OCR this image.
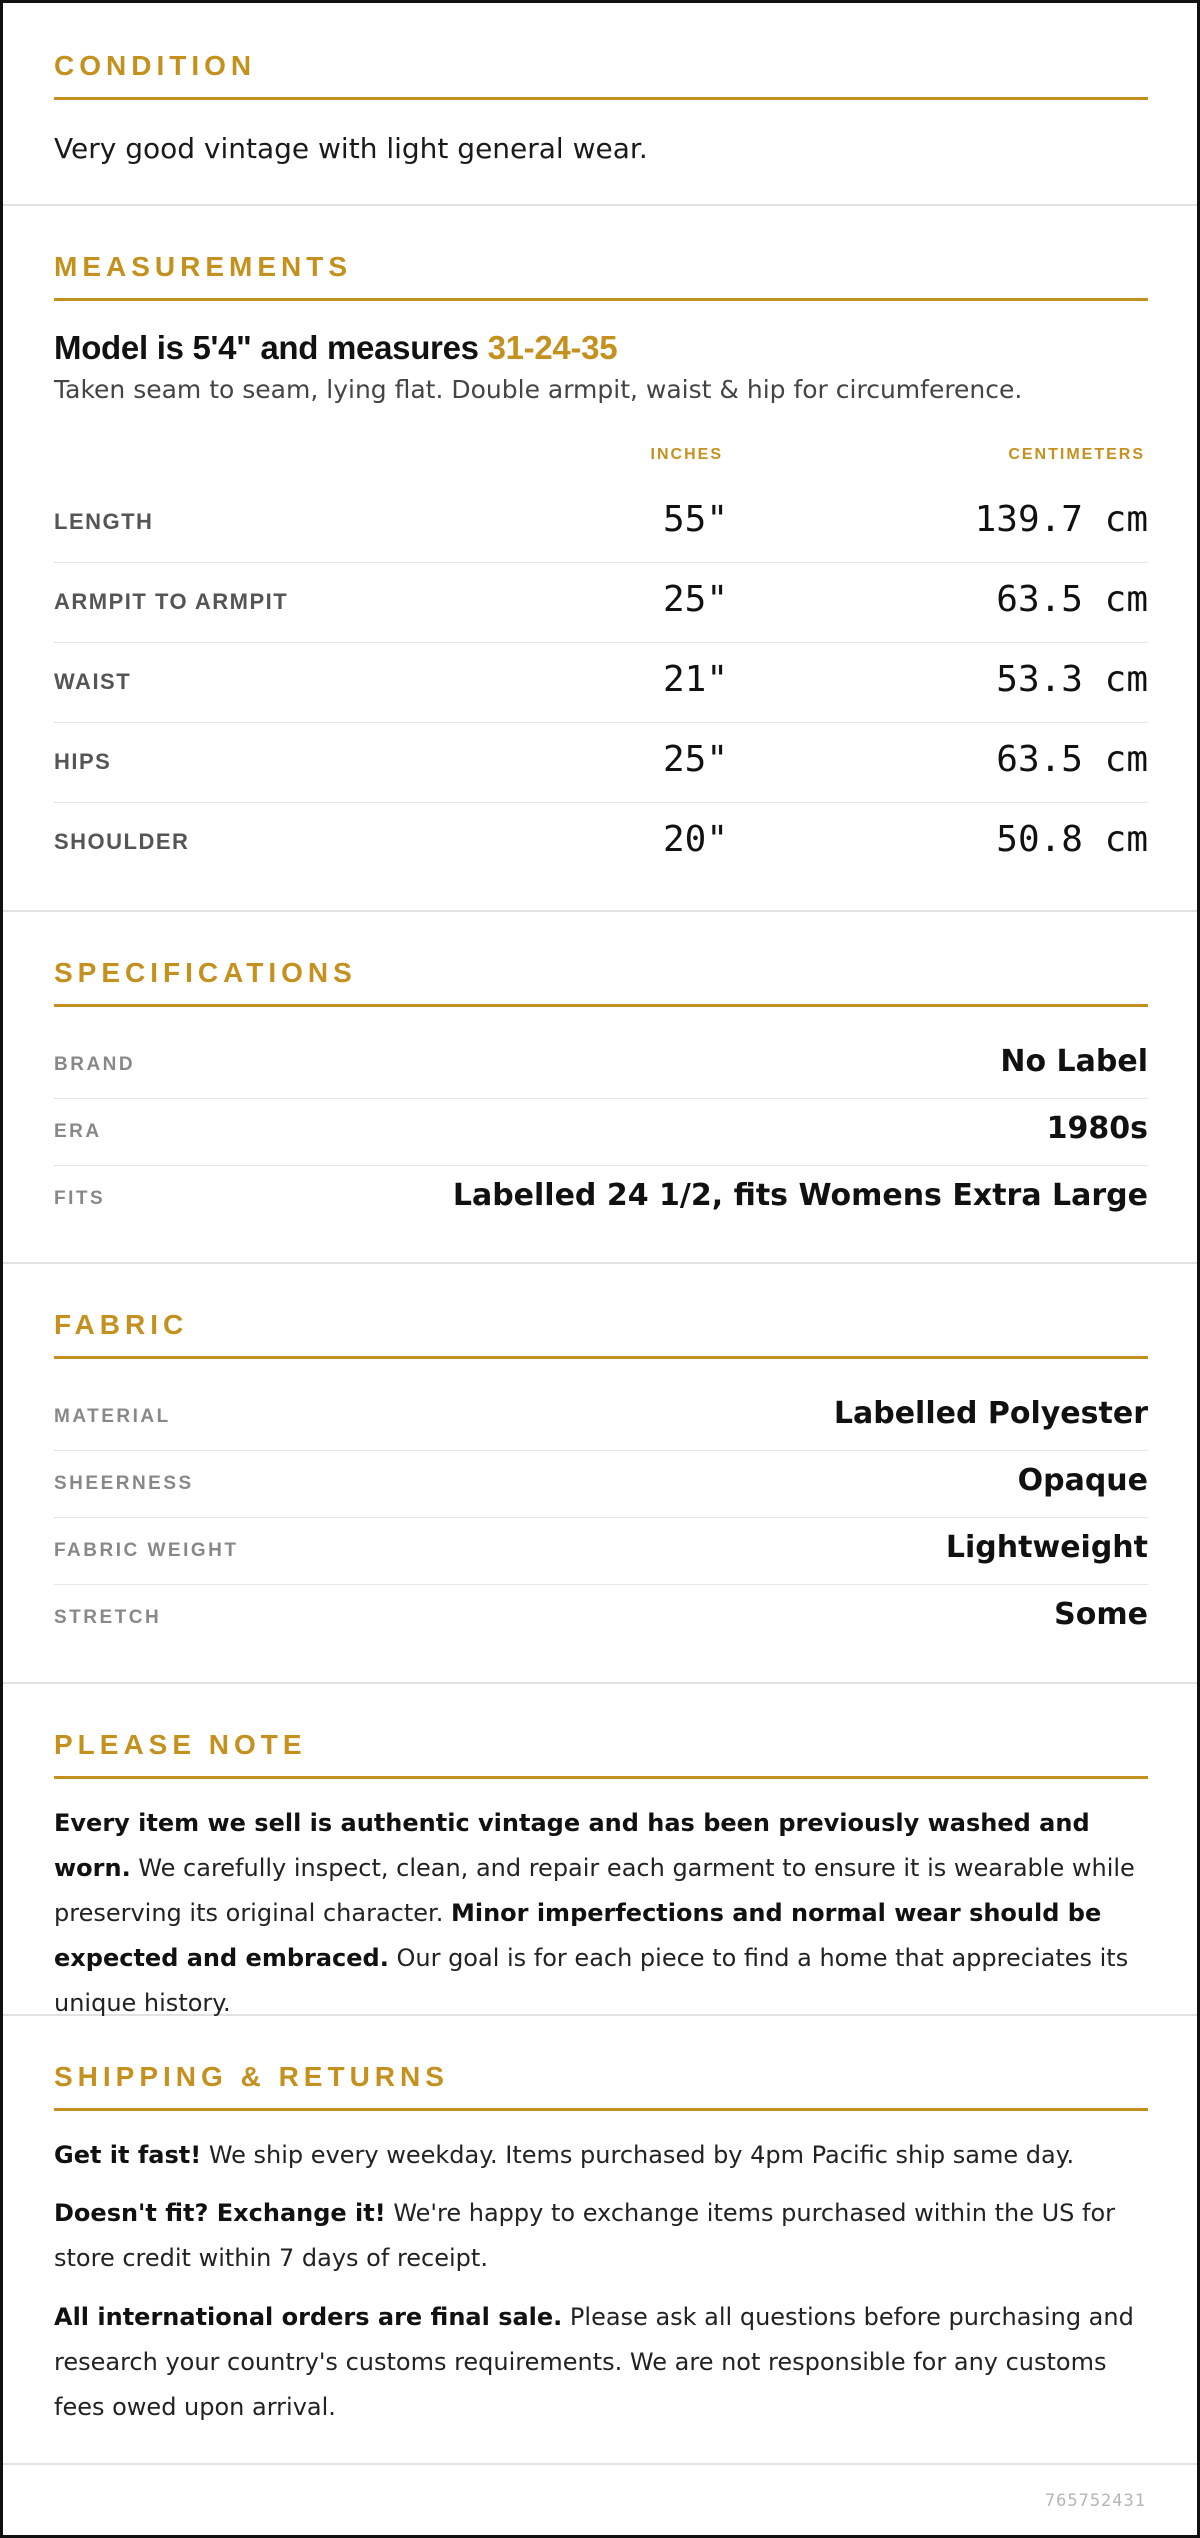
CONDITION
Very good vintage with light general wear.
MEASUREMENTS
Model is 5'4" and measures 31-24-35
Taken seam to seam, lying flat. Double armpit, waist & hip for circumference.
INCHES	CENTIMETERS
LENGTH	55"	139.7 cm
ARMPIT TO ARMPIT	25"	63.5 cm
WAIST	21"	53.3 cm
HIPS	25"	63.5 cm
SHOULDER	20"	50.8 cm
SPECIFICATIONS
BRAND	No Label
ERA	1980s
FITS	Labelled 24 1/2, fits Womens Extra Large
FABRIC
MATERIAL	Labelled Polyester
SHEERNESS	Opaque
FABRIC WEIGHT	Lightweight
STRETCH	Some
PLEASE NOTE
Every item we sell is authentic vintage and has been previously washed and worn. We carefully inspect, clean, and repair each garment to ensure it is wearable while preserving its original character. Minor imperfections and normal wear should be expected and embraced. Our goal is for each piece to find a home that appreciates its unique history.
SHIPPING & RETURNS
Get it fast! We ship every weekday. Items purchased by 4pm Pacific ship same day.
Doesn't fit? Exchange it! We're happy to exchange items purchased within the US for store credit within 7 days of receipt.
All international orders are final sale. Please ask all questions before purchasing and research your country's customs requirements. We are not responsible for any customs fees owed upon arrival.
765752431
